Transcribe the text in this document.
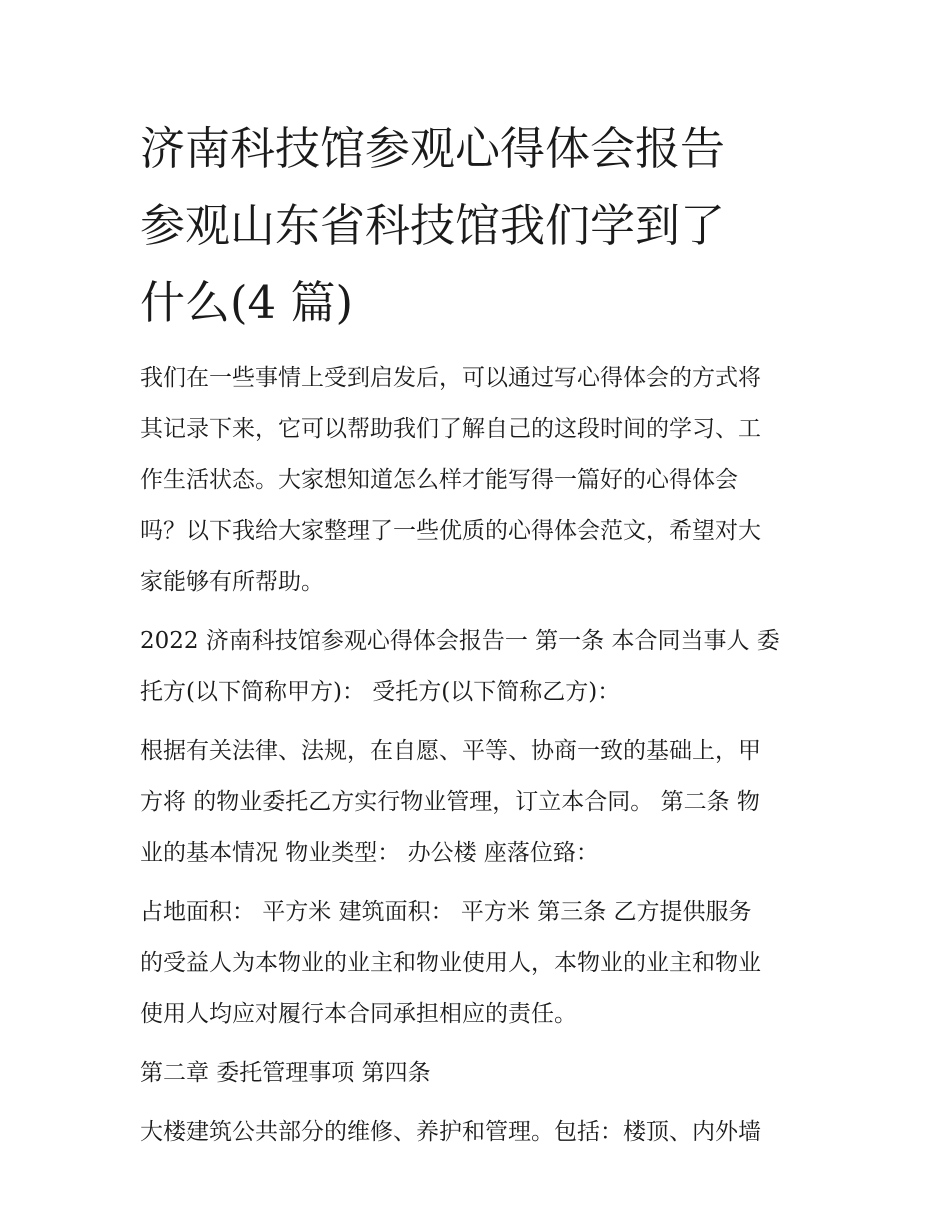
济南科技馆参观心得体会报告
参观山东省科技馆我们学到了
什么(4 篇)

我们在一些事情上受到启发后，可以通过写心得体会的方式将
其记录下来，它可以帮助我们了解自己的这段时间的学习、工
作生活状态。大家想知道怎么样才能写得一篇好的心得体会
吗？以下我给大家整理了一些优质的心得体会范文，希望对大
家能够有所帮助。

2022 济南科技馆参观心得体会报告一 第一条 本合同当事人 委
托方(以下简称甲方)： 受托方(以下简称乙方)：

根据有关法律、法规，在自愿、平等、协商一致的基础上，甲
方将 的物业委托乙方实行物业管理，订立本合同。 第二条 物
业的基本情况 物业类型： 办公楼 座落位臵：

占地面积： 平方米 建筑面积： 平方米 第三条 乙方提供服务
的受益人为本物业的业主和物业使用人，本物业的业主和物业
使用人均应对履行本合同承担相应的责任。

第二章 委托管理事项 第四条

大楼建筑公共部分的维修、养护和管理。包括：楼顶、内外墙
